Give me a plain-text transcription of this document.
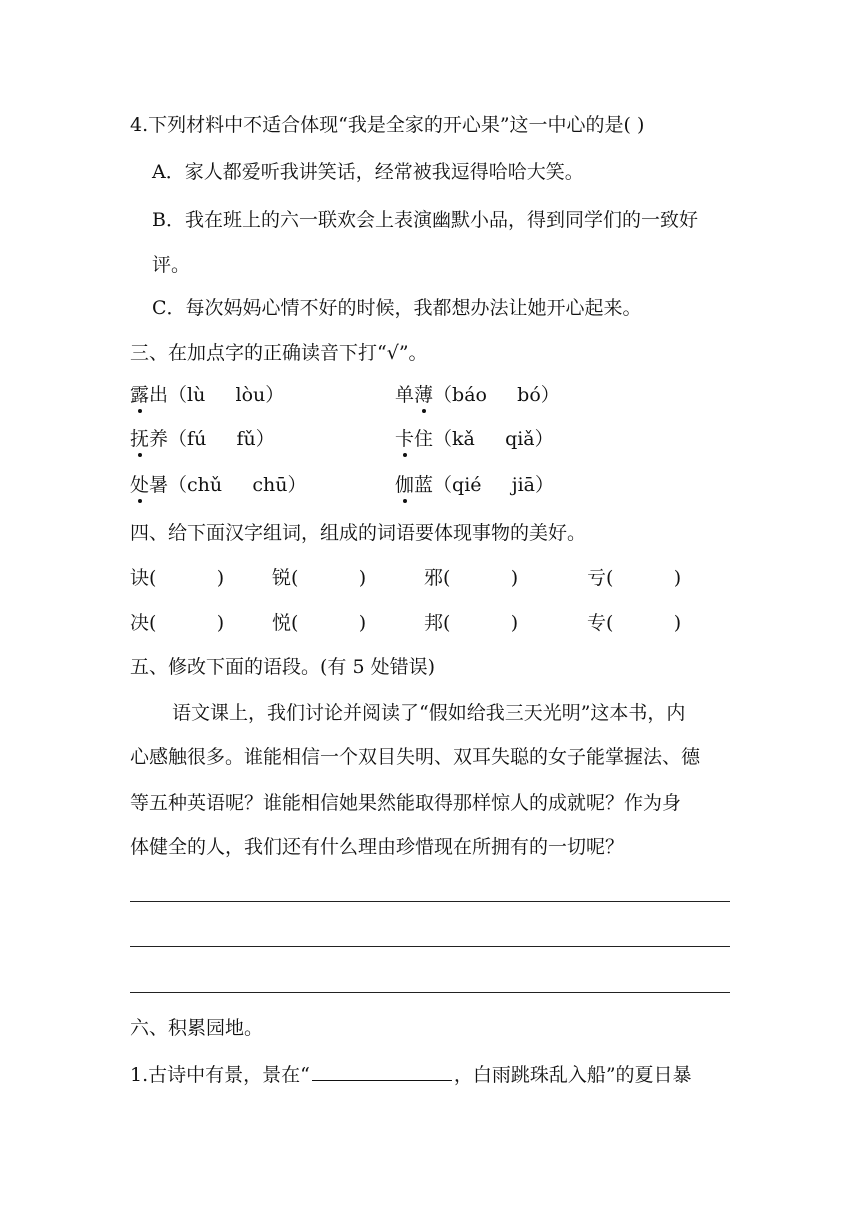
4.下列材料中不适合体现“我是全家的开心果”这一中心的是( )
A．家人都爱听我讲笑话，经常被我逗得哈哈大笑。
B．我在班上的六一联欢会上表演幽默小品，得到同学们的一致好
评。
C．每次妈妈心情不好的时候，我都想办法让她开心起来。
三、在加点字的正确读音下打“√”。
露出（lù     lòu）	单薄（báo     bó）
抚养（fú     fǔ）	卡住（kǎ     qiǎ）
处暑（chǔ     chū）	伽蓝（qié     jiā）
四、给下面汉字组词，组成的词语要体现事物的美好。
诀(          )	锐(          )	邪(          )	亏(          )
决(          )	悦(          )	邦(          )	专(          )
五、修改下面的语段。(有 5 处错误)
语文课上，我们讨论并阅读了“假如给我三天光明”这本书，内
心感触很多。谁能相信一个双目失明、双耳失聪的女子能掌握法、德
等五种英语呢？谁能相信她果然能取得那样惊人的成就呢？作为身
体健全的人，我们还有什么理由珍惜现在所拥有的一切呢？
六、积累园地。
1.古诗中有景，景在“	，白雨跳珠乱入船”的夏日暴
